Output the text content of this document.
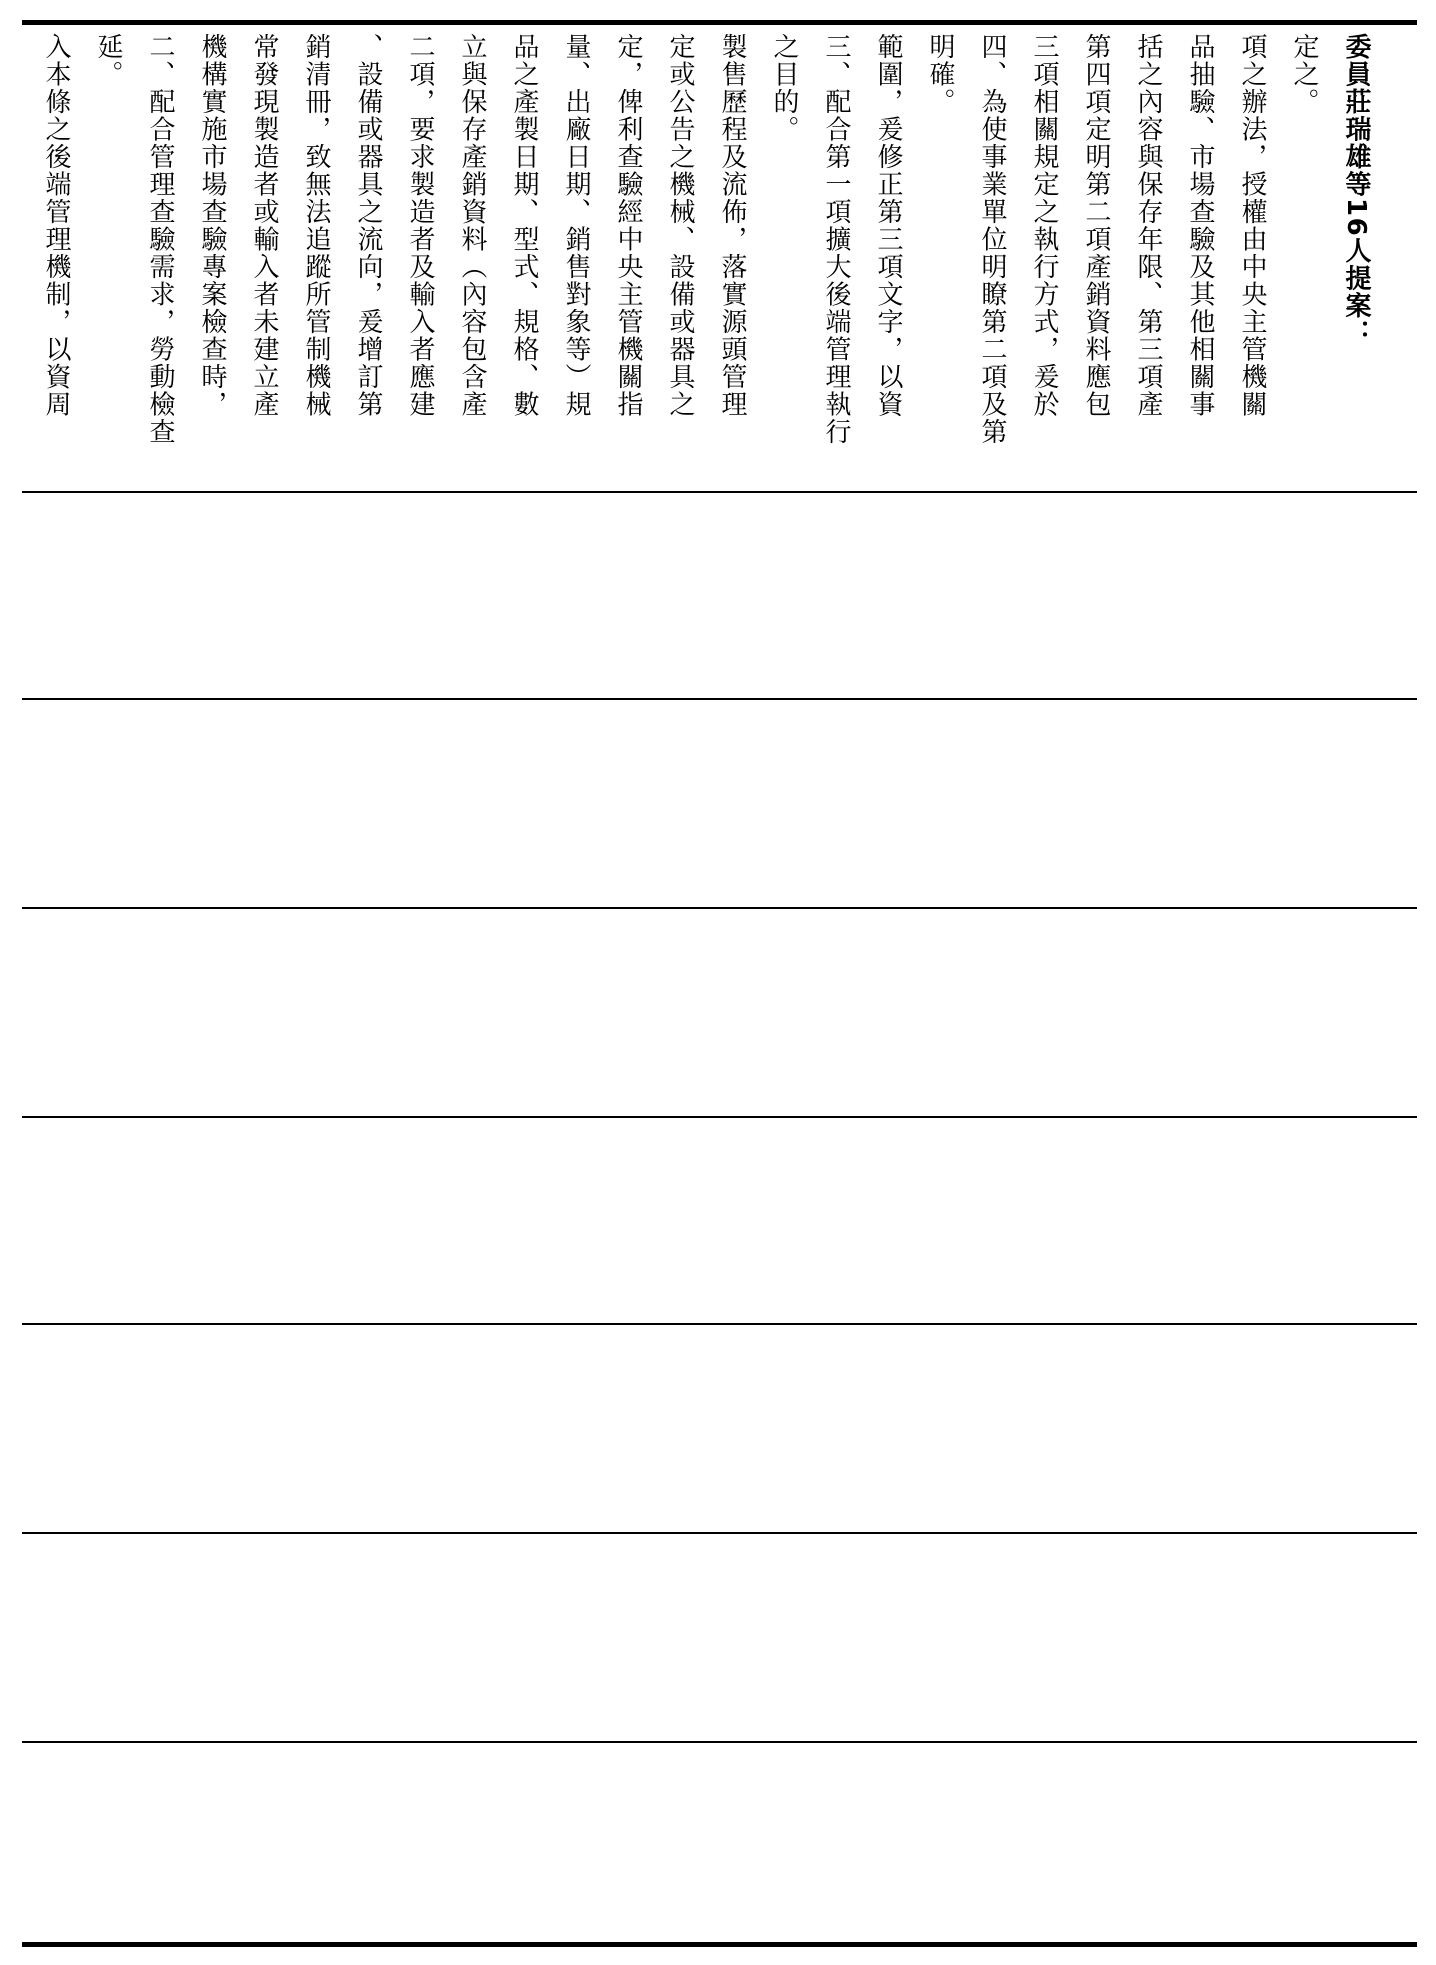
入本條之後端管理機制，以資周 延。 二、配合管理查驗需求，勞動檢查 機構實施市場查驗專案檢查時， 常發現製造者或輸入者未建立產 銷清冊，致無法追蹤所管制機械 、設備或器具之流向，爰增訂第 二項，要求製造者及輸入者應建 立與保存產銷資料（內容包含產 品之產製日期、型式、規格、數 量、出廠日期、銷售對象等）規 定，俾利查驗經中央主管機關指 定或公告之機械、設備或器具之 製售歷程及流佈，落實源頭管理 之目的。 三、配合第一項擴大後端管理執行 範圍，爰修正第三項文字，以資 明確。 四、為使事業單位明瞭第二項及第 三項相關規定之執行方式，爰於 第四項定明第二項產銷資料應包 括之內容與保存年限、第三項產 品抽驗、市場查驗及其他相關事 項之辦法，授權由中央主管機關 定之。 委員莊瑞雄等16人提案：
